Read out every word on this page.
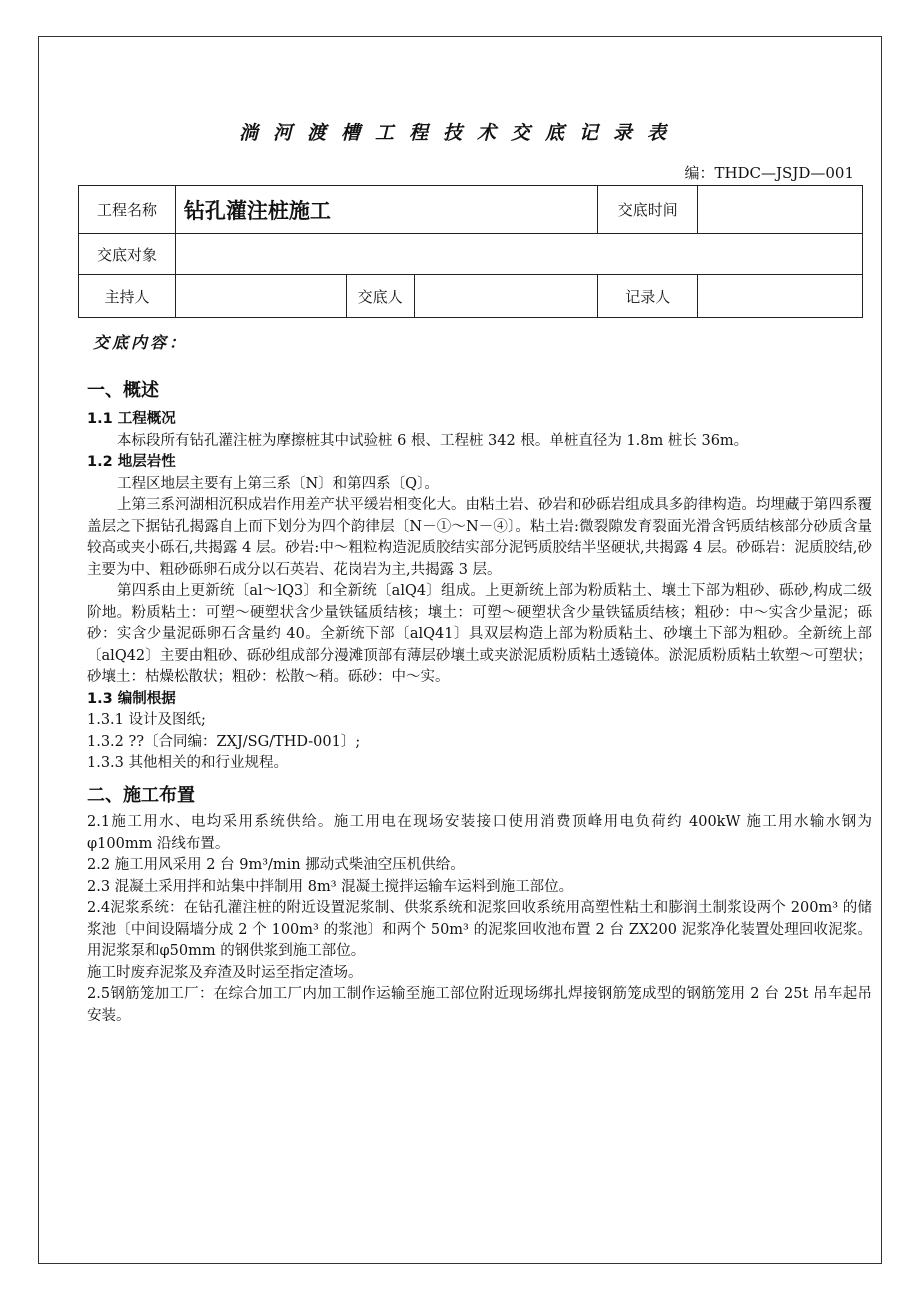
淌河渡槽工程技术交底记录表
编：THDC—JSJD—001
工程名称	钻孔灌注桩施工			交底时间	
交底对象					
主持人		交底人		记录人	

交底内容：

一、概述

1.1 工程概况

本标段所有钻孔灌注桩为摩擦桩其中试验桩 6 根、工程桩 342 根。单桩直径为 1.8m 桩长 36m。

1.2 地层岩性

工程区地层主要有上第三系〔N〕和第四系〔Q〕。

上第三系河湖相沉积成岩作用差产状平缓岩相变化大。由粘土岩、砂岩和砂砾岩组成具多韵律构造。均埋藏于第四系覆盖层之下据钻孔揭露自上而下划分为四个韵律层〔N－①～N－④〕。粘土岩:微裂隙发育裂面光滑含钙质结核部分砂质含量较高或夹小砾石,共揭露 4 层。砂岩:中～粗粒构造泥质胶结实部分泥钙质胶结半坚硬状,共揭露 4 层。砂砾岩：泥质胶结,砂主要为中、粗砂砾卵石成分以石英岩、花岗岩为主,共揭露 3 层。

第四系由上更新统〔al～lQ3〕和全新统〔alQ4〕组成。上更新统上部为粉质粘土、壤土下部为粗砂、砾砂,构成二级阶地。粉质粘土：可塑～硬塑状含少量铁锰质结核；壤土：可塑～硬塑状含少量铁锰质结核；粗砂：中～实含少量泥；砾砂：实含少量泥砾卵石含量约 40。全新统下部〔alQ41〕具双层构造上部为粉质粘土、砂壤土下部为粗砂。全新统上部〔alQ42〕主要由粗砂、砾砂组成部分漫滩顶部有薄层砂壤土或夹淤泥质粉质粘土透镜体。淤泥质粉质粘土软塑～可塑状；砂壤土：枯燥松散状；粗砂：松散～稍。砾砂：中～实。

1.3 编制根据

1.3.1 设计及图纸;

1.3.2 ??〔合同编：ZXJ/SG/THD-001〕;

1.3.3 其他相关的和行业规程。

二、施工布置

2.1施工用水、电均采用系统供给。施工用电在现场安装接口使用消费顶峰用电负荷约 400kW 施工用水输水钢为φ100mm 沿线布置。

2.2 施工用风采用 2 台 9m³/min 挪动式柴油空压机供给。

2.3 混凝土采用拌和站集中拌制用 8m³ 混凝土搅拌运输车运料到施工部位。

2.4泥浆系统：在钻孔灌注桩的附近设置泥浆制、供浆系统和泥浆回收系统用高塑性粘土和膨润土制浆设两个 200m³ 的储浆池〔中间设隔墙分成 2 个 100m³ 的浆池〕和两个 50m³ 的泥浆回收池布置 2 台 ZX200 泥浆净化装置处理回收泥浆。用泥浆泵和φ50mm 的钢供浆到施工部位。

施工时废弃泥浆及弃渣及时运至指定渣场。

2.5钢筋笼加工厂：在综合加工厂内加工制作运输至施工部位附近现场绑扎焊接钢筋笼成型的钢筋笼用 2 台 25t 吊车起吊安装。
